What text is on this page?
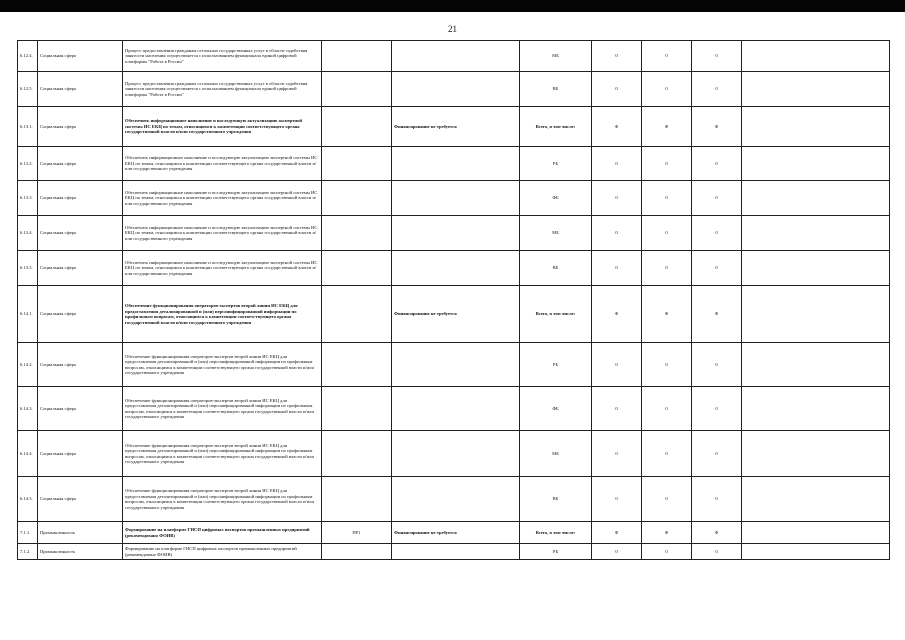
21
6.12.4.	Социальная сфера	Процесс предоставления гражданам остальных государственных услуг в области содействия занятости населения осуществляется с использованием функционала единой цифровой платформы "Работа в России"			МБ	0	0	0	
6.12.5.	Социальная сфера	Процесс предоставления гражданам остальных государственных услуг в области содействия занятости населения осуществляется с использованием функционала единой цифровой платформы "Работа в России"			ВБ	0	0	0	
6.13.1.	Социальная сфера	Обеспечить информационное наполнение и последующую актуализацию экспертной системы ИС ЕКЦ по темам, относящимся к компетенции соответствующего органа государственной власти и/или государственного учреждения		Финансирование не требуется	Всего, в том числе:	0	0	0	
6.13.2.	Социальная сфера	Обеспечить информационное наполнение и последующую актуализацию экспертной системы ИС ЕКЦ по темам, относящимся к компетенции соответствующего органа государственной власти и/или государственного учреждения			РБ	0	0	0	
6.13.3.	Социальная сфера	Обеспечить информационное наполнение и последующую актуализацию экспертной системы ИС ЕКЦ по темам, относящимся к компетенции соответствующего органа государственной власти и/или государственного учреждения			ФБ	0	0	0	
6.13.4.	Социальная сфера	Обеспечить информационное наполнение и последующую актуализацию экспертной системы ИС ЕКЦ по темам, относящимся к компетенции соответствующего органа государственной власти и/или государственного учреждения			МБ	0	0	0	
6.13.5.	Социальная сфера	Обеспечить информационное наполнение и последующую актуализацию экспертной системы ИС ЕКЦ по темам, относящимся к компетенции соответствующего органа государственной власти и/или государственного учреждения			ВБ	0	0	0	
6.14.1.	Социальная сфера	Обеспечение функционирования операторов-экспертов второй линии ИС ЕКЦ для предоставления детализированной и (или) персонифицированной информации по профильным вопросам, относящимся к компетенции соответствующего органа государственной власти и/или государственного учреждения		Финансирование не требуется	Всего, в том числе:	0	0	0	
6.14.2.	Социальная сфера	Обеспечение функционирования операторов-экспертов второй линии ИС ЕКЦ для предоставления детализированной и (или) персонифицированной информации по профильным вопросам, относящимся к компетенции соответствующего органа государственной власти и/или государственного учреждения			РБ	0	0	0	
6.14.3.	Социальная сфера	Обеспечение функционирования операторов-экспертов второй линии ИС ЕКЦ для предоставления детализированной и (или) персонифицированной информации по профильным вопросам, относящимся к компетенции соответствующего органа государственной власти и/или государственного учреждения			ФБ	0	0	0	
6.14.4.	Социальная сфера	Обеспечение функционирования операторов-экспертов второй линии ИС ЕКЦ для предоставления детализированной и (или) персонифицированной информации по профильным вопросам, относящимся к компетенции соответствующего органа государственной власти и/или государственного учреждения			МБ	0	0	0	
6.14.5.	Социальная сфера	Обеспечение функционирования операторов-экспертов второй линии ИС ЕКЦ для предоставления детализированной и (или) персонифицированной информации по профильным вопросам, относящимся к компетенции соответствующего органа государственной власти и/или государственного учреждения			ВБ	0	0	0	
7.1.1.	Промышленность	Формирование на платформе ГИСП цифровых паспортов промышленных предприятий (рекомендовано ФОИВ)	ПР1	Финансирование не требуется	Всего, в том числе:	0	0	0	
7.1.2.	Промышленность	Формирование на платформе ГИСП цифровых паспортов промышленных предприятий (рекомендовано ФОИВ)			РБ	0	0	0	
